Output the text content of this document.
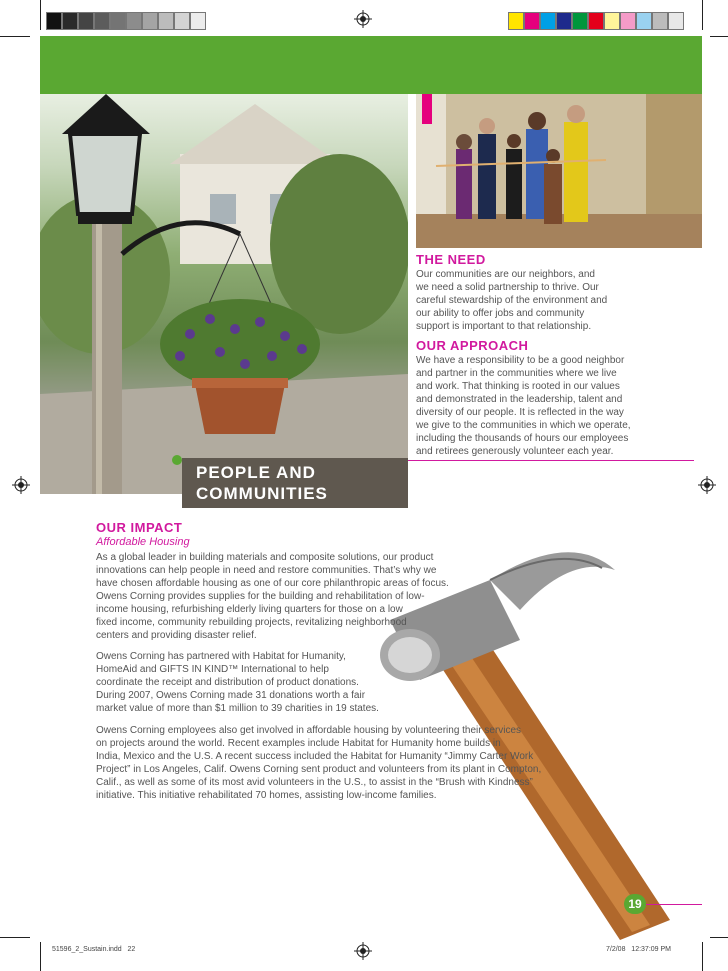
PEOPLE AND
COMMUNITIES
THE NEED
Our communities are our neighbors, and
we need a solid partnership to thrive. Our
careful stewardship of the environment and
our ability to offer jobs and community
support is important to that relationship.
OUR APPROACH
We have a responsibility to be a good neighbor
and partner in the communities where we live
and work. That thinking is rooted in our values
and demonstrated in the leadership, talent and
diversity of our people. It is reflected in the way
we give to the communities in which we operate,
including the thousands of hours our employees
and retirees generously volunteer each year.
OUR IMPACT
Affordable Housing
As a global leader in building materials and composite solutions, our product
innovations can help people in need and restore communities. That’s why we
have chosen affordable housing as one of our core philanthropic areas of focus.
Owens Corning provides supplies for the building and rehabilitation of low-
income housing, refurbishing elderly living quarters for those on a low
fixed income, community rebuilding projects, revitalizing neighborhood
centers and providing disaster relief.
Owens Corning has partnered with Habitat for Humanity,
HomeAid and GIFTS IN KIND™ International to help
coordinate the receipt and distribution of product donations.
During 2007, Owens Corning made 31 donations worth a fair
market value of more than $1 million to 39 charities in 19 states.
Owens Corning employees also get involved in affordable housing by volunteering their services
on projects around the world. Recent examples include Habitat for Humanity home builds in
India, Mexico and the U.S. A recent success included the Habitat for Humanity “Jimmy Carter Work
Project” in Los Angeles, Calif. Owens Corning sent product and volunteers from its plant in Compton,
Calif., as well as some of its most avid volunteers in the U.S., to assist in the “Brush with Kindness”
initiative. This initiative rehabilitated 70 homes, assisting low-income families.
19
51596_2_Sustain.indd   22	7/2/08   12:37:09 PM
